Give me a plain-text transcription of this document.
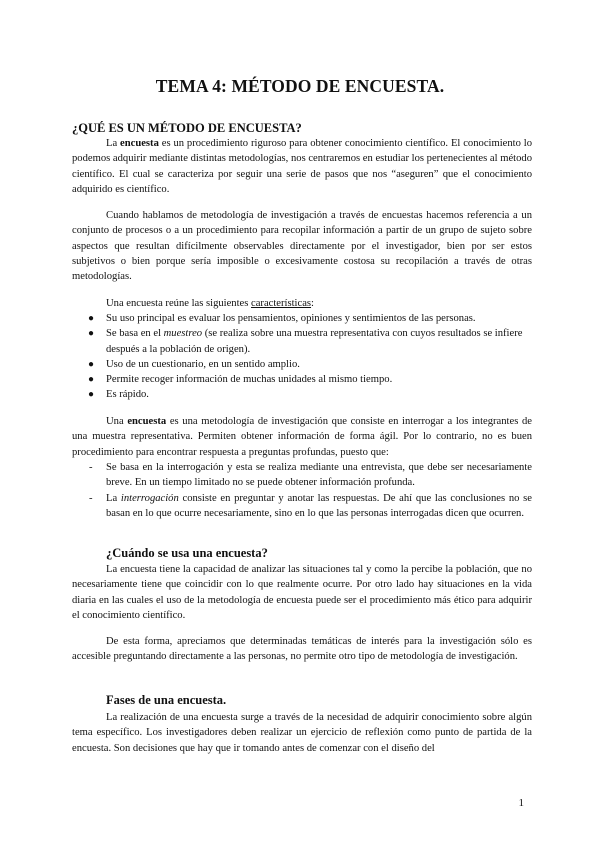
TEMA 4: MÉTODO DE ENCUESTA.
¿QUÉ ES UN MÉTODO DE ENCUESTA?
La encuesta es un procedimiento riguroso para obtener conocimiento científico. El conocimiento lo podemos adquirir mediante distintas metodologías, nos centraremos en estudiar los pertenecientes al método científico. El cual se caracteriza por seguir una serie de pasos que nos “aseguren” que el conocimiento adquirido es científico.
Cuando hablamos de metodología de investigación a través de encuestas hacemos referencia a un conjunto de procesos o a un procedimiento para recopilar información a partir de un grupo de sujeto sobre aspectos que resultan difícilmente observables directamente por el investigador, bien por ser estos subjetivos o bien porque sería imposible o excesivamente costosa su recopilación a través de otras metodologías.
Una encuesta reúne las siguientes características:
● Su uso principal es evaluar los pensamientos, opiniones y sentimientos de las personas.
● Se basa en el muestreo (se realiza sobre una muestra representativa con cuyos resultados se infiere después a la población de origen).
● Uso de un cuestionario, en un sentido amplio.
● Permite recoger información de muchas unidades al mismo tiempo.
● Es rápido.
Una encuesta es una metodología de investigación que consiste en interrogar a los integrantes de una muestra representativa. Permiten obtener información de forma ágil. Por lo contrario, no es buen procedimiento para encontrar respuesta a preguntas profundas, puesto que:
- Se basa en la interrogación y esta se realiza mediante una entrevista, que debe ser necesariamente breve. En un tiempo limitado no se puede obtener información profunda.
- La interrogación consiste en preguntar y anotar las respuestas. De ahí que las conclusiones no se basan en lo que ocurre necesariamente, sino en lo que las personas interrogadas dicen que ocurren.
¿Cuándo se usa una encuesta?
La encuesta tiene la capacidad de analizar las situaciones tal y como la percibe la población, que no necesariamente tiene que coincidir con lo que realmente ocurre. Por otro lado hay situaciones en la vida diaria en las cuales el uso de la metodología de encuesta puede ser el procedimiento más ético para adquirir el conocimiento científico.
De esta forma, apreciamos que determinadas temáticas de interés para la investigación sólo es accesible preguntando directamente a las personas, no permite otro tipo de metodología de investigación.
Fases de una encuesta.
La realización de una encuesta surge a través de la necesidad de adquirir conocimiento sobre algún tema específico. Los investigadores deben realizar un ejercicio de reflexión como punto de partida de la encuesta. Son decisiones que hay que ir tomando antes de comenzar con el diseño del
1
